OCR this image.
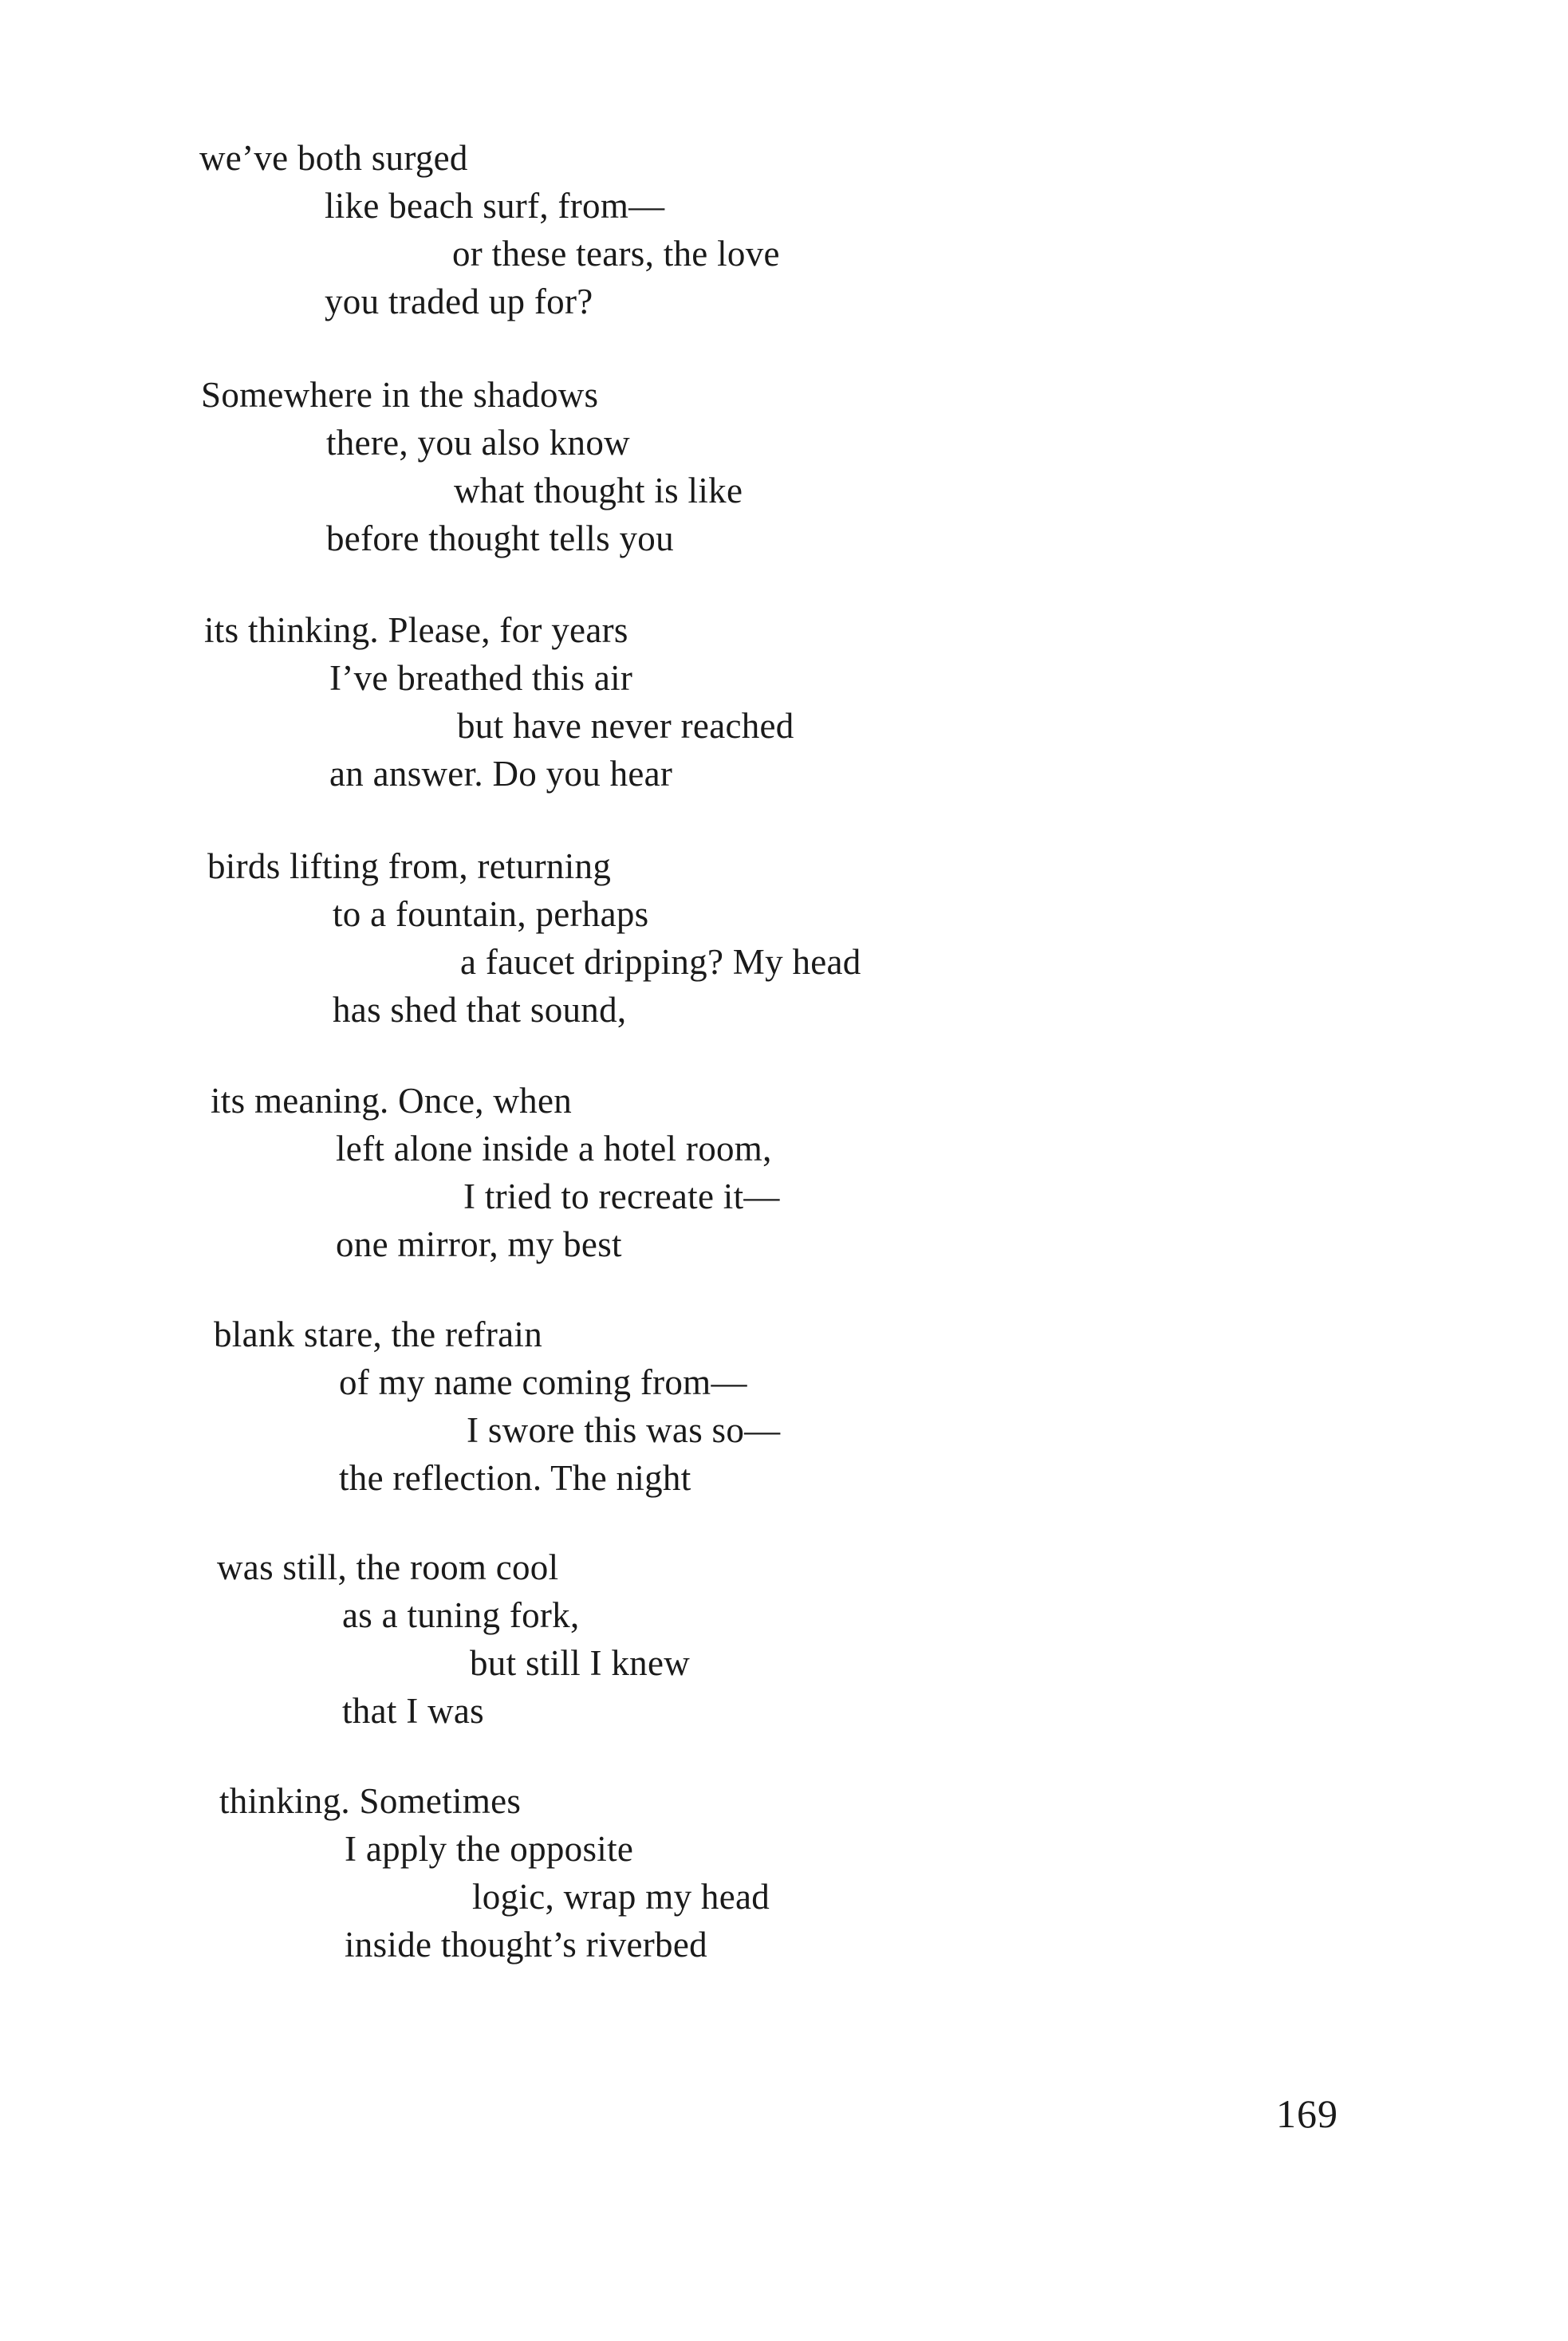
we’ve both surged
like beach surf, from—
or these tears, the love
you traded up for?
Somewhere in the shadows
there, you also know
what thought is like
before thought tells you
its thinking. Please, for years
I’ve breathed this air
but have never reached
an answer. Do you hear
birds lifting from, returning
to a fountain, perhaps
a faucet dripping? My head
has shed that sound,
its meaning. Once, when
left alone inside a hotel room,
I tried to recreate it—
one mirror, my best
blank stare, the refrain
of my name coming from—
I swore this was so—
the reflection. The night
was still, the room cool
as a tuning fork,
but still I knew
that I was
thinking. Sometimes
I apply the opposite
logic, wrap my head
inside thought’s riverbed
169
